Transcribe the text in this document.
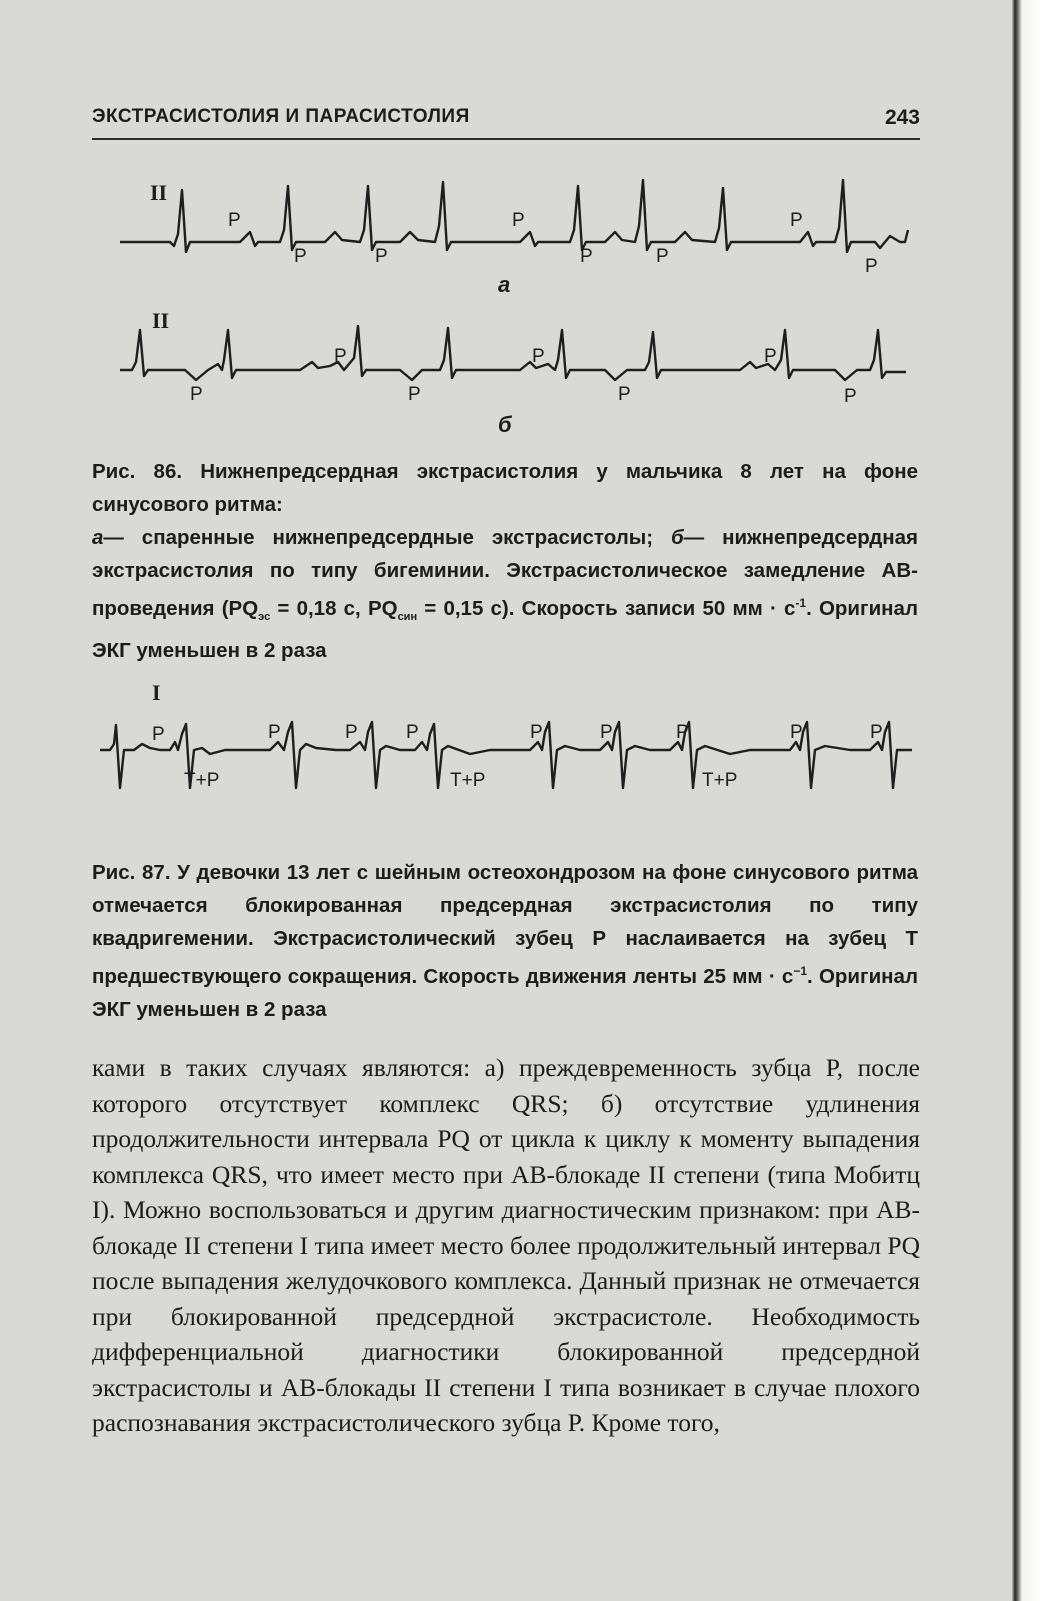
ЭКСТРАСИСТОЛИЯ И ПАРАСИСТОЛИЯ	243
II
P
P	P
P
P	P
P
P
а
II
P
P
P
P
P
P
P
б

Рис. 86. Нижнепредсердная экстрасистолия у мальчика 8 лет на фоне синусового ритма:

а— спаренные нижнепредсердные экстрасистолы; б— нижнепредсердная экстрасистолия по типу бигеминии. Экстрасистолическое замедление АВ-проведения ($PQ_{эс} = 0,18$ с, $PQ_{син} = 0,15$ с). Скорость записи 50 мм · $с^{-1}$. Оригинал ЭКГ уменьшен в 2 раза

I
P	P	P	P	P	P	P	P	P
T+P	T+P	T+P

Рис. 87. У девочки 13 лет с шейным остеохондрозом на фоне синусового ритма отмечается блокированная предсердная экстрасистолия по типу квадригемении. Экстрасистолический зубец Р наслаивается на зубец Т предшествующего сокращения. Скорость движения ленты 25 мм · $с^{-1}$. Оригинал ЭКГ уменьшен в 2 раза

ками в таких случаях являются: а) преждевременность зубца Р, после которого отсутствует комплекс QRS; б) отсутствие удлинения продолжительности интервала PQ от цикла к циклу к моменту выпадения комплекса QRS, что имеет место при АВ-блокаде II степени (типа Мобитц I). Можно воспользоваться и другим диагностическим признаком: при АВ-блокаде II степени I типа имеет место более продолжительный интервал PQ после выпадения желудочкового комплекса. Данный признак не отмечается при блокированной предсердной экстрасистоле. Необходимость дифференциальной диагностики блокированной предсердной экстрасистолы и АВ-блокады II степени I типа возникает в случае плохого распознавания экстрасистолического зубца Р. Кроме того,
